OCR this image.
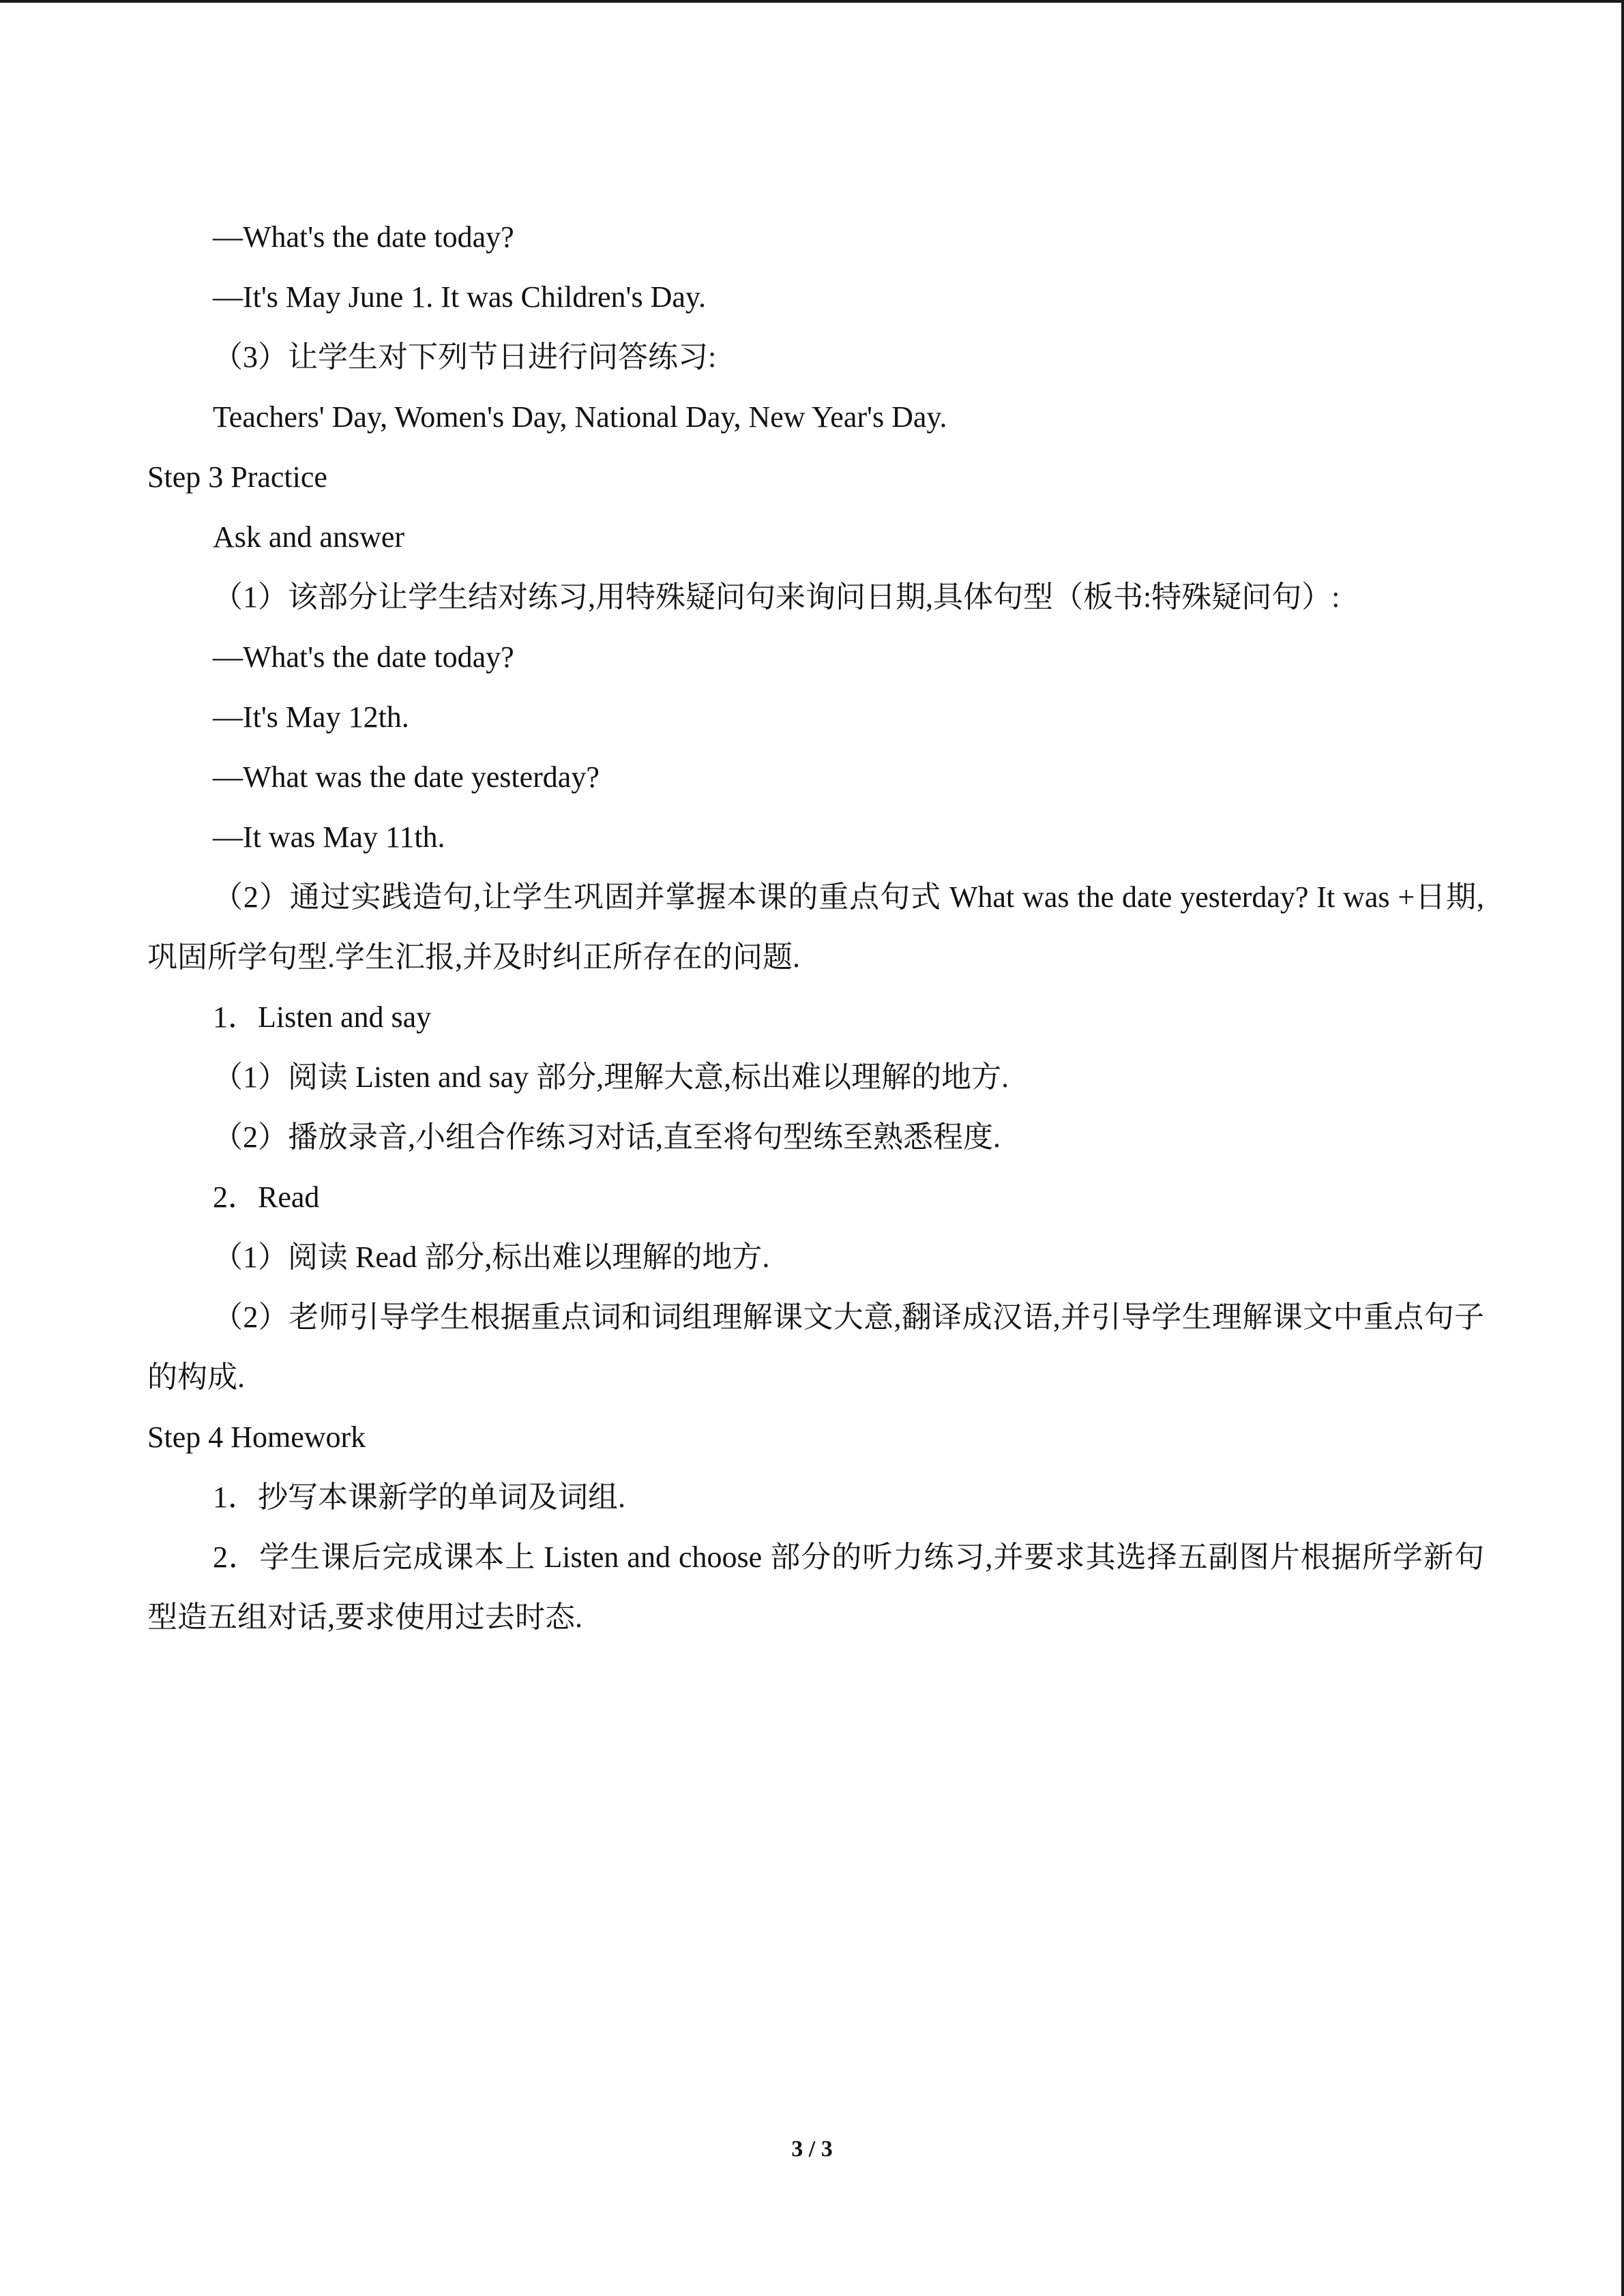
—What's the date today?
—It's May June 1. It was Children's Day.
（3）让学生对下列节日进行问答练习:
Teachers' Day, Women's Day, National Day, New Year's Day.
Step 3 Practice
Ask and answer
（1）该部分让学生结对练习,用特殊疑问句来询问日期,具体句型（板书:特殊疑问句）:
—What's the date today?
—It's May 12th.
—What was the date yesterday?
—It was May 11th.
（2）通过实践造句,让学生巩固并掌握本课的重点句式 What was the date yesterday? It was +日期,巩固所学句型.学生汇报,并及时纠正所存在的问题.
1．Listen and say
（1）阅读 Listen and say 部分,理解大意,标出难以理解的地方.
（2）播放录音,小组合作练习对话,直至将句型练至熟悉程度.
2．Read
（1）阅读 Read 部分,标出难以理解的地方.
（2）老师引导学生根据重点词和词组理解课文大意,翻译成汉语,并引导学生理解课文中重点句子的构成.
Step 4 Homework
1．抄写本课新学的单词及词组.
2．学生课后完成课本上 Listen and choose 部分的听力练习,并要求其选择五副图片根据所学新句型造五组对话,要求使用过去时态.
3 / 3
